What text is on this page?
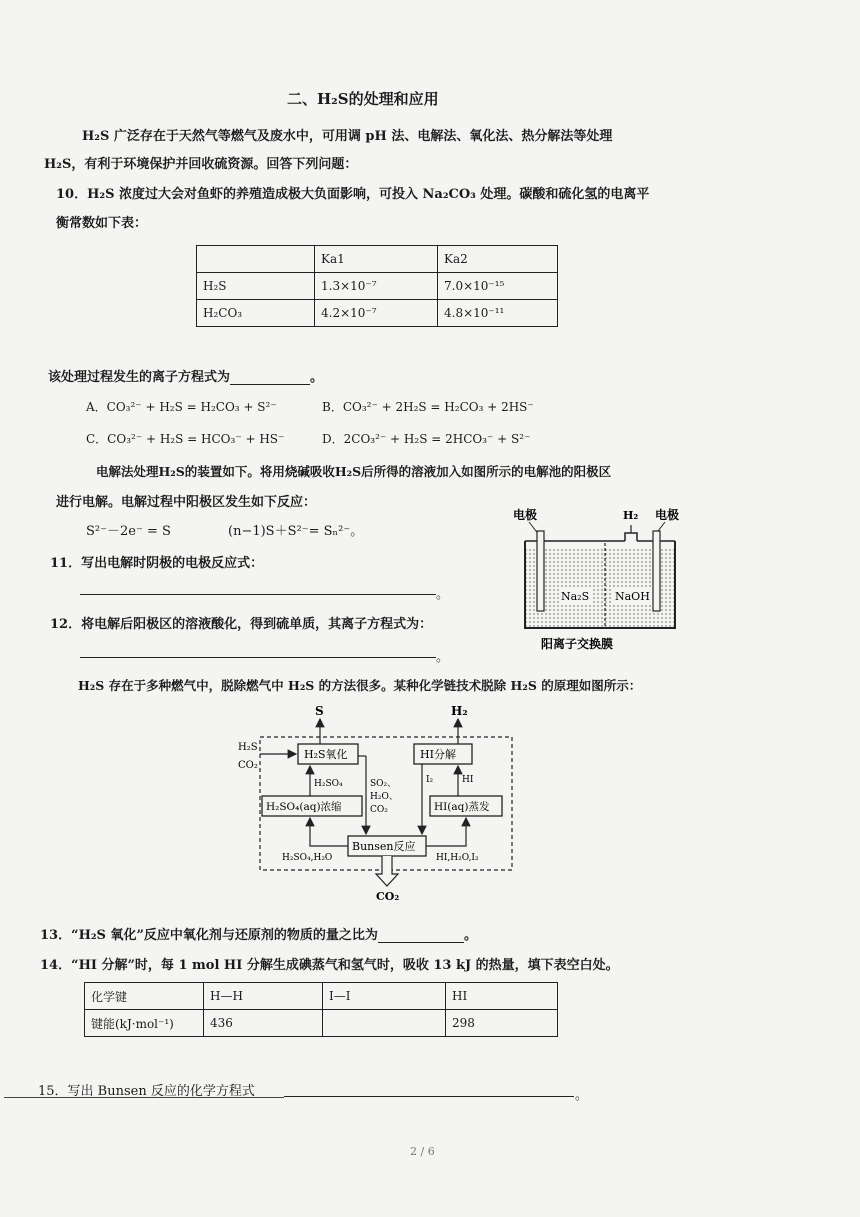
二、H₂S的处理和应用
H₂S 广泛存在于天然气等燃气及废水中，可用调 pH 法、电解法、氧化法、热分解法等处理
H₂S，有利于环境保护并回收硫资源。回答下列问题：
10．H₂S 浓度过大会对鱼虾的养殖造成极大负面影响，可投入 Na₂CO₃ 处理。碳酸和硫化氢的电离平
衡常数如下表：
	Ka1	Ka2
H₂S	1.3×10⁻⁷	7.0×10⁻¹⁵
H₂CO₃	4.2×10⁻⁷	4.8×10⁻¹¹
该处理过程发生的离子方程式为	。
A．CO₃²⁻ + H₂S = H₂CO₃ + S²⁻	B．CO₃²⁻ + 2H₂S = H₂CO₃ + 2HS⁻
C．CO₃²⁻ + H₂S = HCO₃⁻ + HS⁻	D．2CO₃²⁻ + H₂S = 2HCO₃⁻ + S²⁻
电解法处理H₂S的装置如下。将用烧碱吸收H₂S后所得的溶液加入如图所示的电解池的阳极区
进行电解。电解过程中阳极区发生如下反应：
S²⁻－2e⁻ = S	(n−1)S＋S²⁻= Sₙ²⁻。
11．写出电解时阴极的电极反应式：
。
12．将电解后阳极区的溶液酸化，得到硫单质，其离子方程式为：
。
电极	H₂ 电极
Na₂S NaOH
阳离子交换膜
H₂S 存在于多种燃气中，脱除燃气中 H₂S 的方法很多。某种化学链技术脱除 H₂S 的原理如图所示：
S	H₂
H₂S
CO₂
H₂S氧化	HI分解
H₂SO₄(aq)浓缩	HI(aq)蒸发
Bunsen反应
H₂SO₄	SO₂、
H₂O、
CO₂
I₂	HI
H₂SO₄,H₂O	HI,H₂O,I₂
CO₂
13．“H₂S 氧化”反应中氧化剂与还原剂的物质的量之比为	。
14．“HI 分解”时，每 1 mol HI 分解生成碘蒸气和氢气时，吸收 13 kJ 的热量，填下表空白处。
化学键	H—H	I—I	HI
键能(kJ·mol⁻¹)	436		298
15．写出 Bunsen 反应的化学方程式	。
2 / 6
